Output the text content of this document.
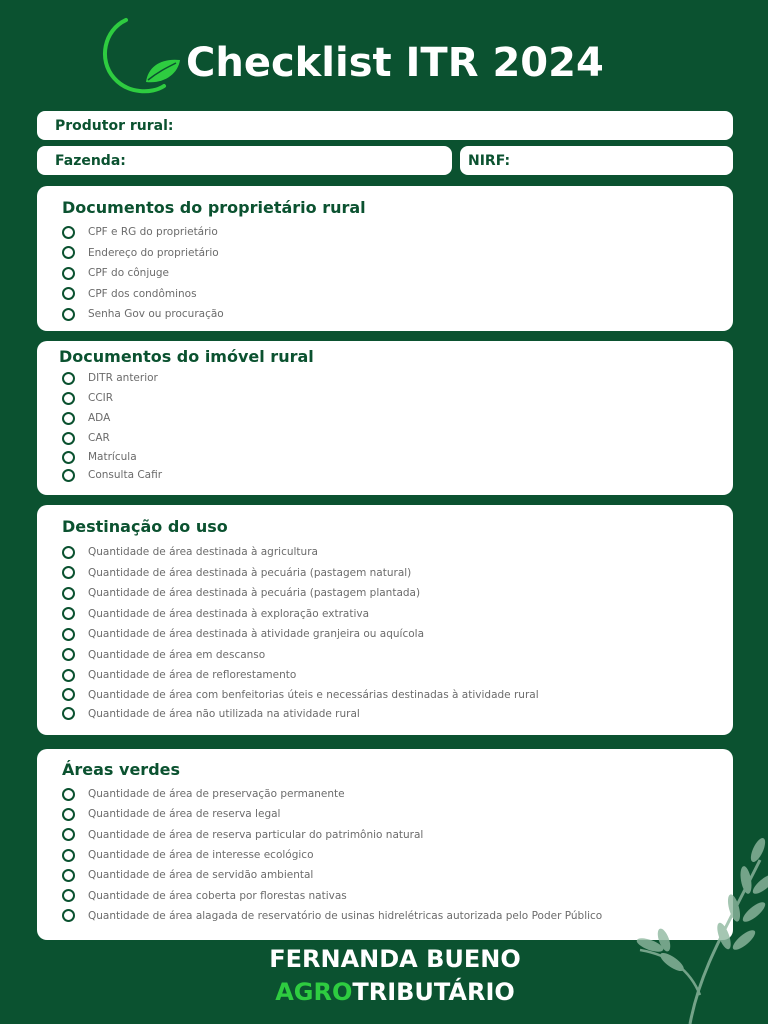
Checklist ITR 2024
Produtor rural:
Fazenda:	NIRF:
Documentos do proprietário rural
CPF e RG do proprietário
Endereço do proprietário
CPF do cônjuge
CPF dos condôminos
Senha Gov ou procuração
Documentos do imóvel rural
DITR anterior
CCIR
ADA
CAR
Matrícula
Consulta Cafir
Destinação do uso
Quantidade de área destinada à agricultura
Quantidade de área destinada à pecuária (pastagem natural)
Quantidade de área destinada à pecuária (pastagem plantada)
Quantidade de área destinada à exploração extrativa
Quantidade de área destinada à atividade granjeira ou aquícola
Quantidade de área em descanso
Quantidade de área de reflorestamento
Quantidade de área com benfeitorias úteis e necessárias destinadas à atividade rural
Quantidade de área não utilizada na atividade rural
Áreas verdes
Quantidade de área de preservação permanente
Quantidade de área de reserva legal
Quantidade de área de reserva particular do patrimônio natural
Quantidade de área de interesse ecológico
Quantidade de área de servidão ambiental
Quantidade de área coberta por florestas nativas
Quantidade de área alagada de reservatório de usinas hidrelétricas autorizada pelo Poder Público
FERNANDA BUENO
AGROTRIBUTÁRIO
